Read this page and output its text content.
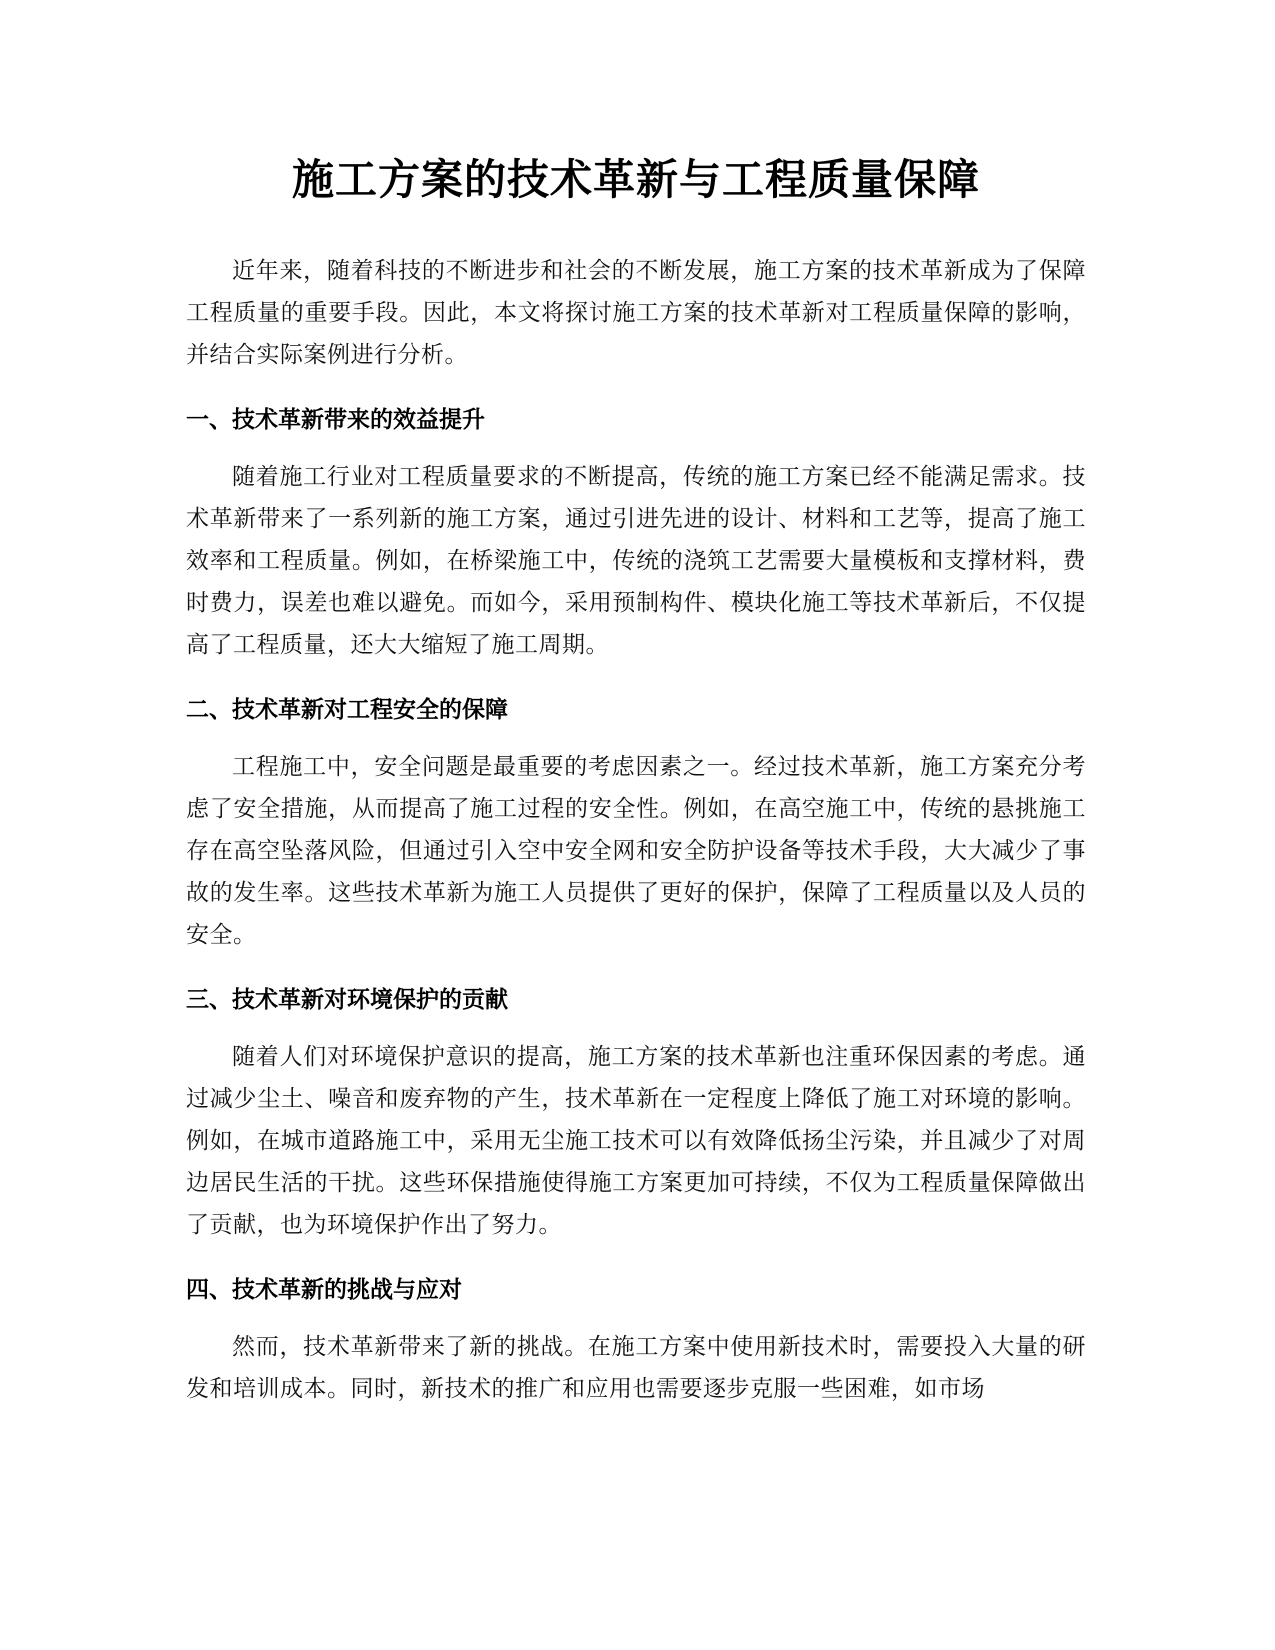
施工方案的技术革新与工程质量保障

近年来，随着科技的不断进步和社会的不断发展，施工方案的技术革新成为了保障工程质量的重要手段。因此，本文将探讨施工方案的技术革新对工程质量保障的影响，并结合实际案例进行分析。

一、技术革新带来的效益提升

随着施工行业对工程质量要求的不断提高，传统的施工方案已经不能满足需求。技术革新带来了一系列新的施工方案，通过引进先进的设计、材料和工艺等，提高了施工效率和工程质量。例如，在桥梁施工中，传统的浇筑工艺需要大量模板和支撑材料，费时费力，误差也难以避免。而如今，采用预制构件、模块化施工等技术革新后，不仅提高了工程质量，还大大缩短了施工周期。

二、技术革新对工程安全的保障

工程施工中，安全问题是最重要的考虑因素之一。经过技术革新，施工方案充分考虑了安全措施，从而提高了施工过程的安全性。例如，在高空施工中，传统的悬挑施工存在高空坠落风险，但通过引入空中安全网和安全防护设备等技术手段，大大减少了事故的发生率。这些技术革新为施工人员提供了更好的保护，保障了工程质量以及人员的安全。

三、技术革新对环境保护的贡献

随着人们对环境保护意识的提高，施工方案的技术革新也注重环保因素的考虑。通过减少尘土、噪音和废弃物的产生，技术革新在一定程度上降低了施工对环境的影响。例如，在城市道路施工中，采用无尘施工技术可以有效降低扬尘污染，并且减少了对周边居民生活的干扰。这些环保措施使得施工方案更加可持续，不仅为工程质量保障做出了贡献，也为环境保护作出了努力。

四、技术革新的挑战与应对

然而，技术革新带来了新的挑战。在施工方案中使用新技术时，需要投入大量的研发和培训成本。同时，新技术的推广和应用也需要逐步克服一些困难，如市场
